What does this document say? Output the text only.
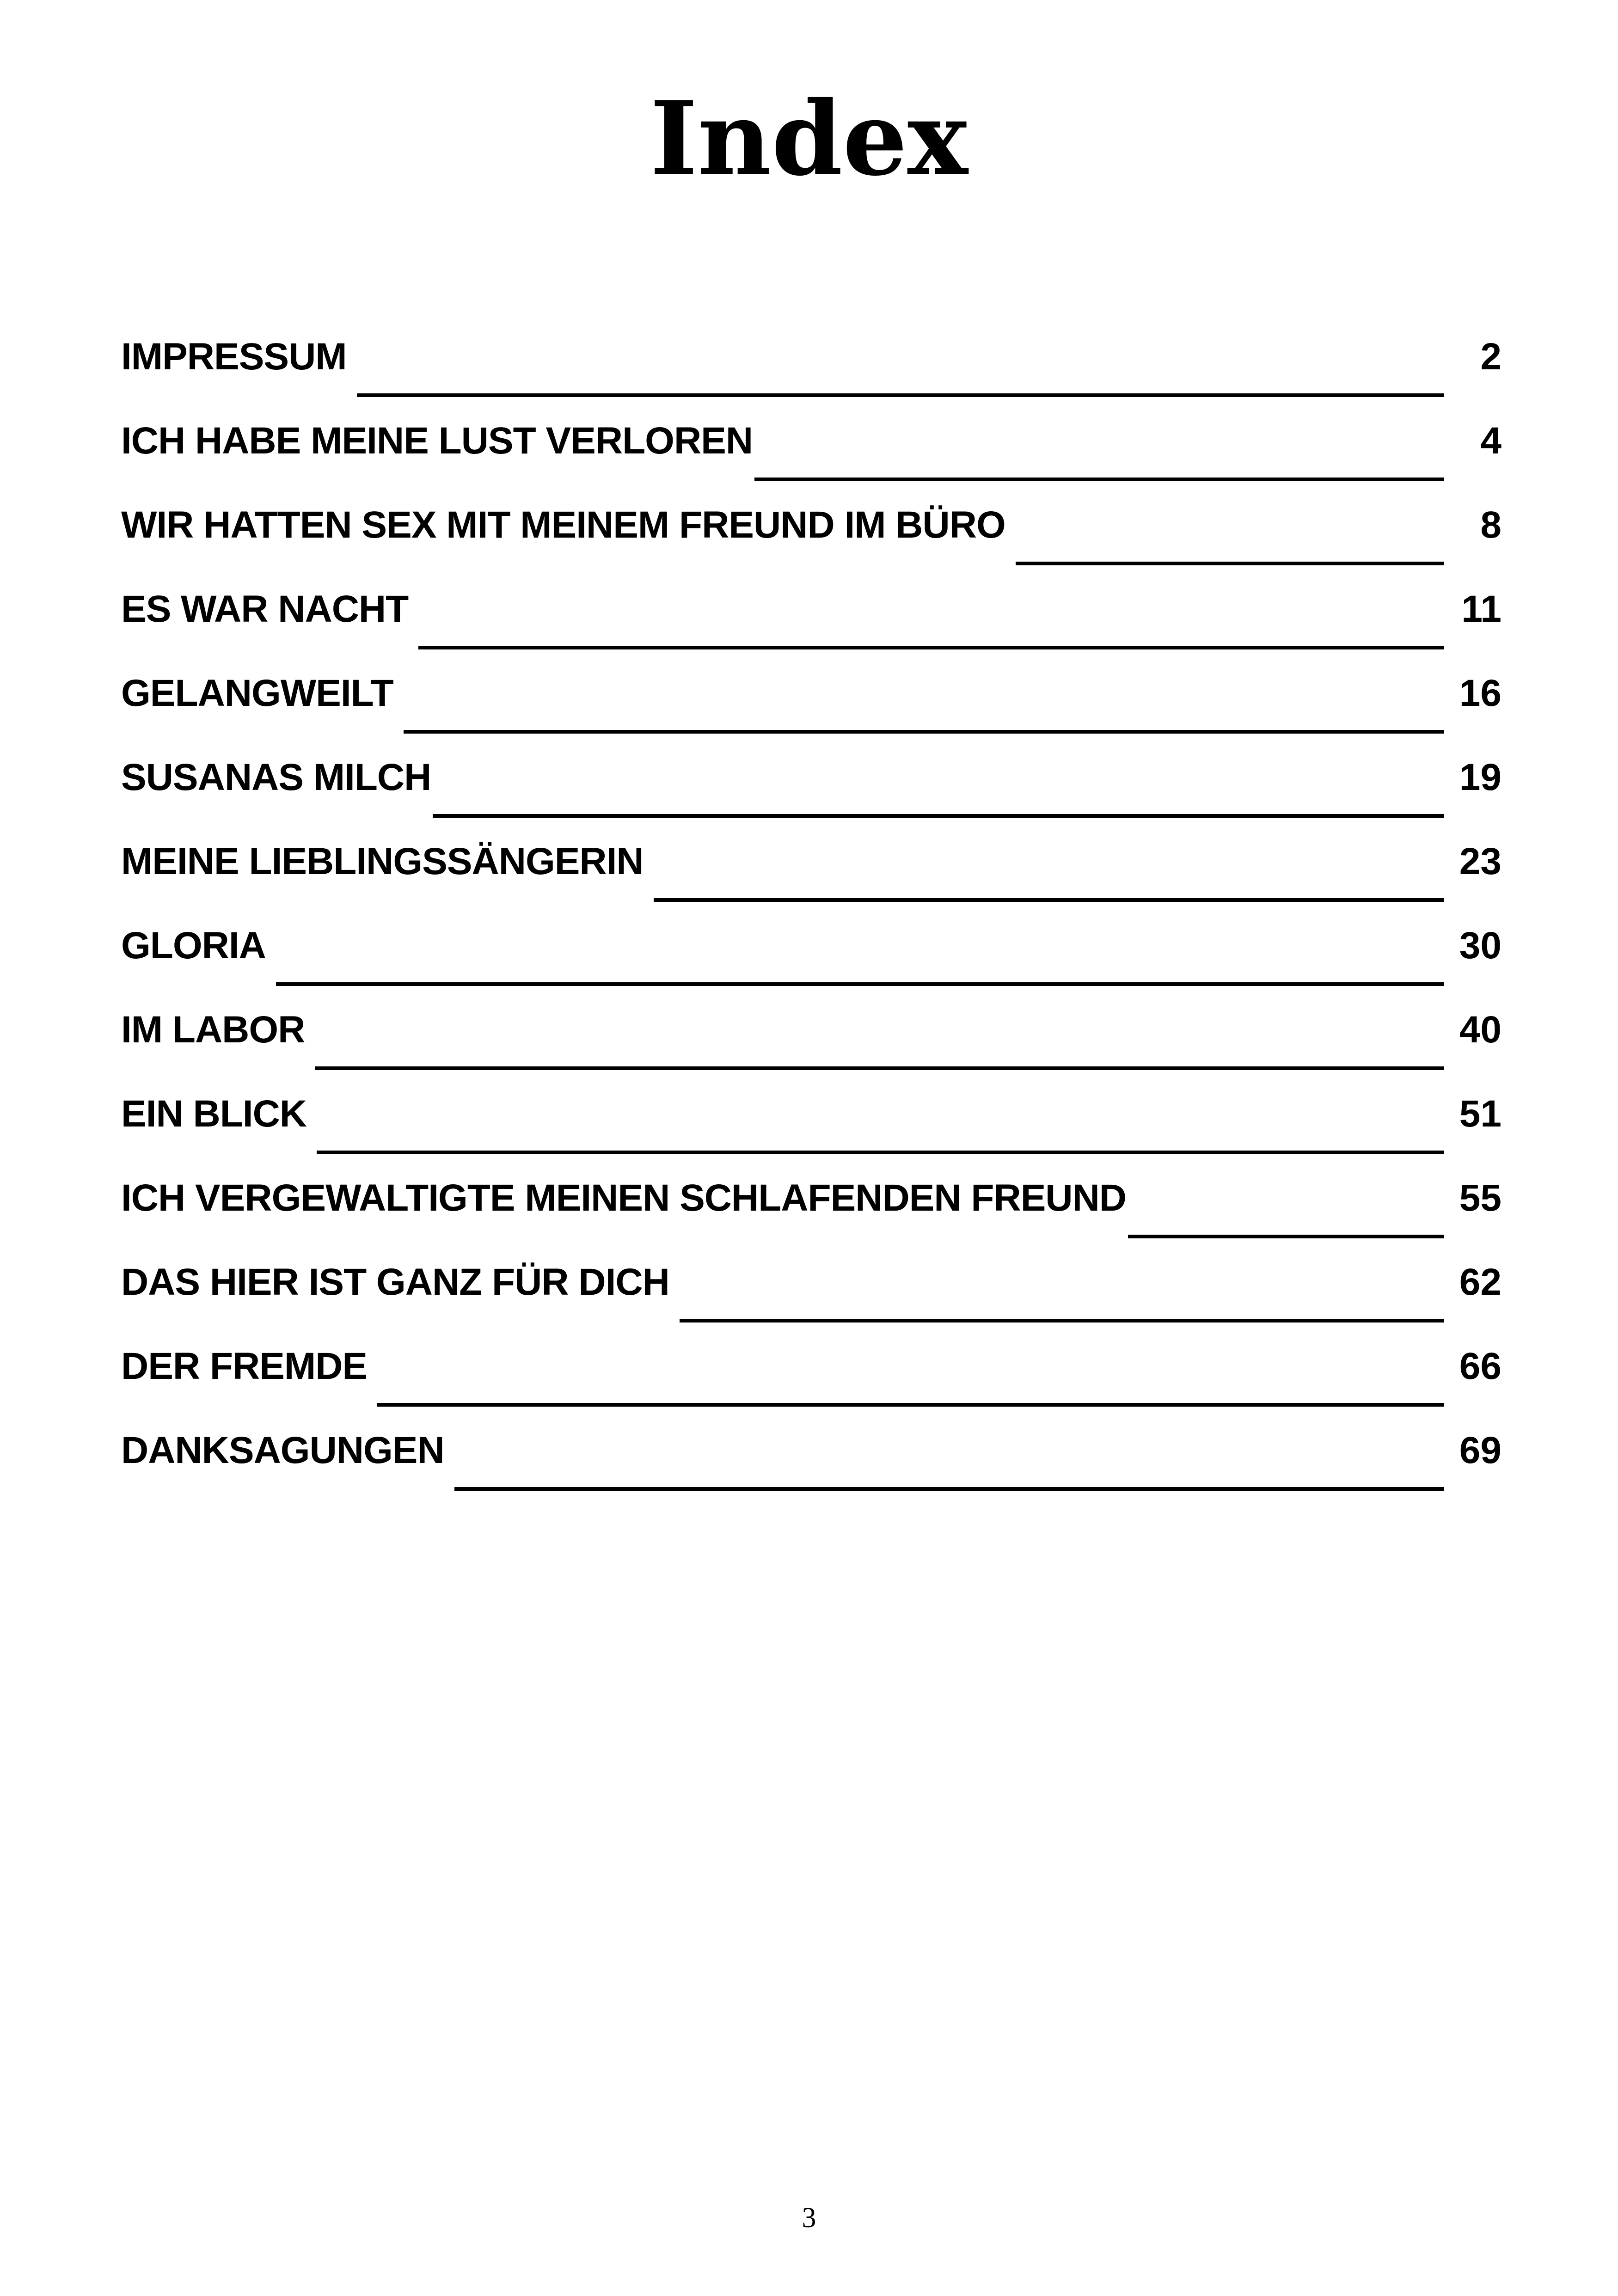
Index
IMPRESSUM	2
ICH HABE MEINE LUST VERLOREN	4
WIR HATTEN SEX MIT MEINEM FREUND IM BÜRO	8
ES WAR NACHT	11
GELANGWEILT	16
SUSANAS MILCH	19
MEINE LIEBLINGSSÄNGERIN	23
GLORIA	30
IM LABOR	40
EIN BLICK	51
ICH VERGEWALTIGTE MEINEN SCHLAFENDEN FREUND	55
DAS HIER IST GANZ FÜR DICH	62
DER FREMDE	66
DANKSAGUNGEN	69
3
